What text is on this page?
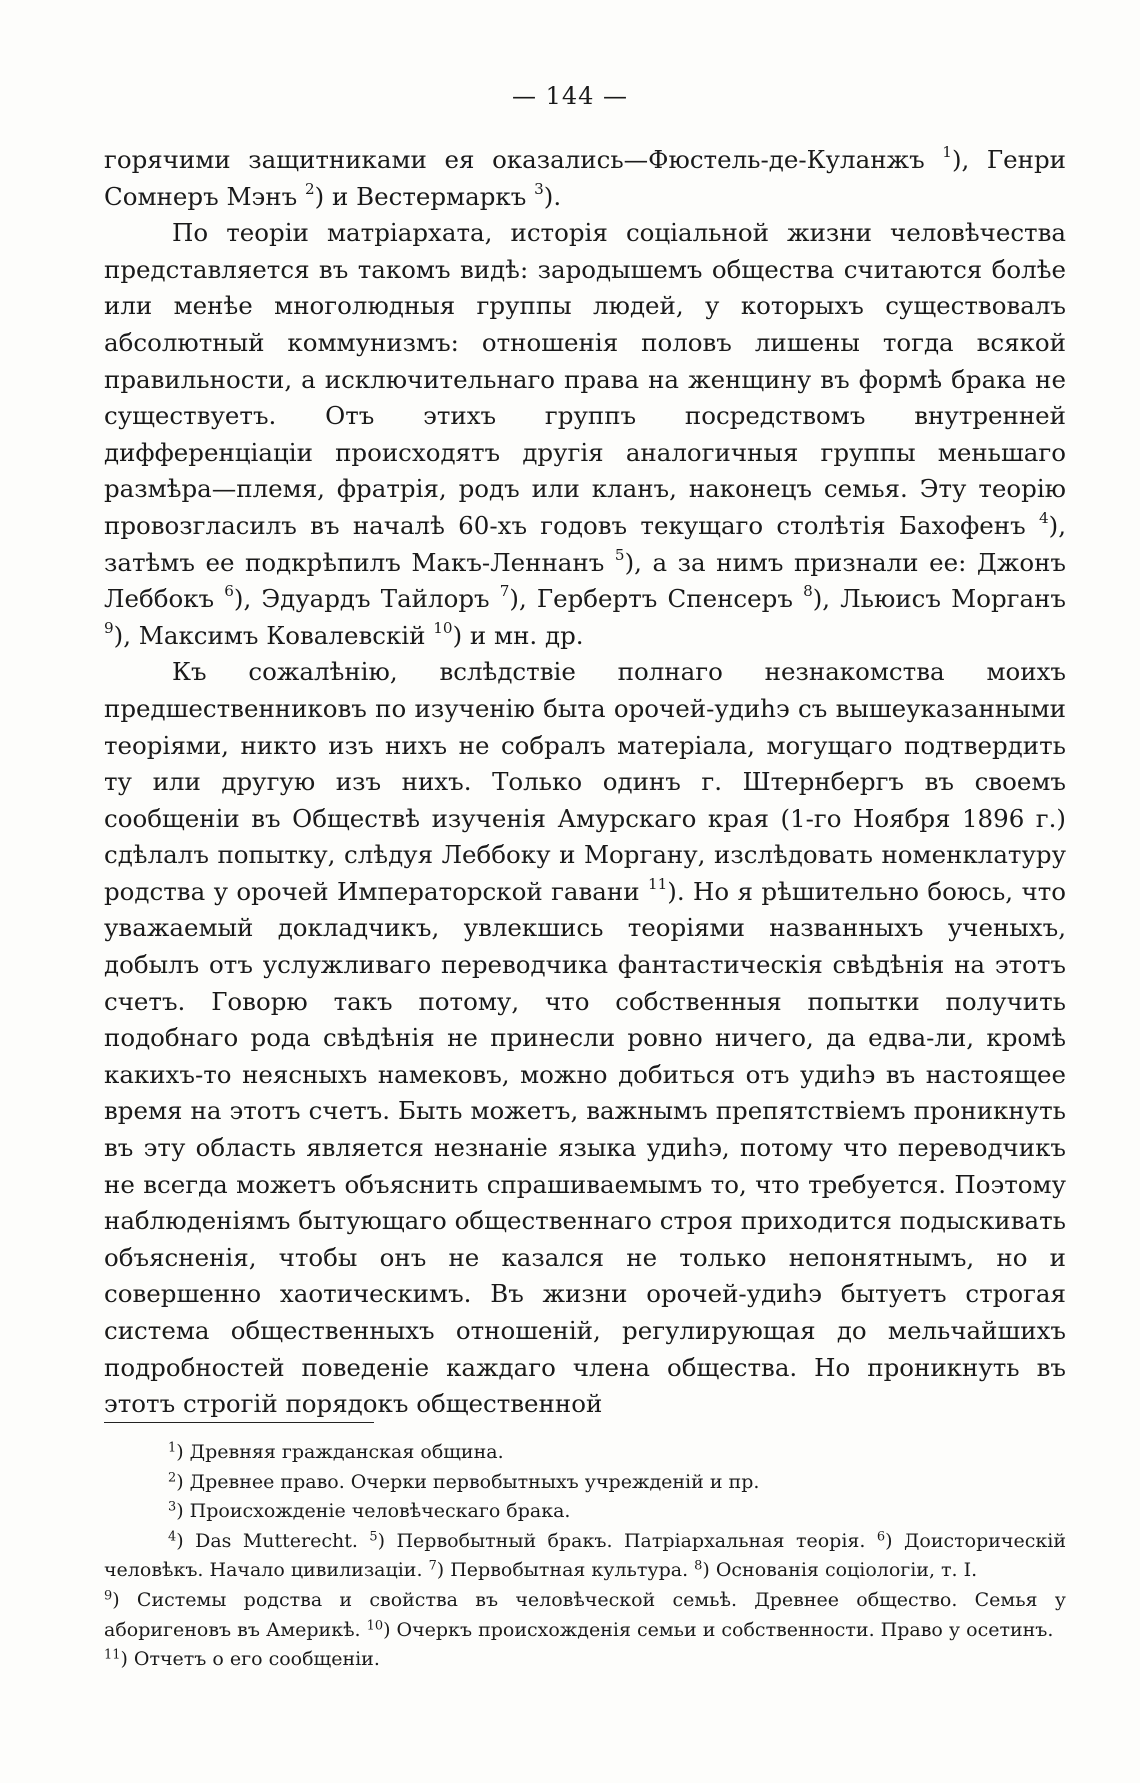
— 144 —

горячими защитниками ея оказались—Фюстель-де-Куланжъ $^1$), Генри Сомнеръ Мэнъ $^2$) и Вестермаркъ $^3$).

По теоріи матріархата, исторія соціальной жизни человѣчества представляется въ такомъ видѣ: зародышемъ общества считаются болѣе или менѣе многолюдныя группы людей, у которыхъ существовалъ абсолютный коммунизмъ: отношенія половъ лишены тогда всякой правильности, а исключительнаго права на женщину въ формѣ брака не существуетъ. Отъ этихъ группъ посредствомъ внутренней дифференціаціи происходятъ другія аналогичныя группы меньшаго размѣра—племя, фратрія, родъ или кланъ, наконецъ семья. Эту теорію провозгласилъ въ началѣ 60-хъ годовъ текущаго столѣтія Бахофенъ $^4$), затѣмъ ее подкрѣпилъ Макъ-Леннанъ $^5$), а за нимъ признали ее: Джонъ Леббокъ $^6$), Эдуардъ Тайлоръ $^7$), Гербертъ Спенсеръ $^8$), Льюисъ Морганъ $^9$), Максимъ Ковалевскій $^{10}$) и мн. др.

Къ сожалѣнію, вслѣдствіе полнаго незнакомства моихъ предшественниковъ по изученію быта орочей-удиһэ съ вышеуказанными теоріями, никто изъ нихъ не собралъ матеріала, могущаго подтвердить ту или другую изъ нихъ. Только одинъ г. Штернбергъ въ своемъ сообщеніи въ Обществѣ изученія Амурскаго края (1-го Ноября 1896 г.) сдѣлалъ попытку, слѣдуя Леббоку и Моргану, изслѣдовать номенклатуру родства у орочей Императорской гавани $^{11}$). Но я рѣшительно боюсь, что уважаемый докладчикъ, увлекшись теоріями названныхъ ученыхъ, добылъ отъ услужливаго переводчика фантастическія свѣдѣнія на этотъ счетъ. Говорю такъ потому, что собственныя попытки получить подобнаго рода свѣдѣнія не принесли ровно ничего, да едва-ли, кромѣ какихъ-то неясныхъ намековъ, можно добиться отъ удиһэ въ настоящее время на этотъ счетъ. Быть можетъ, важнымъ препятствіемъ проникнуть въ эту область является незнаніе языка удиһэ, потому что переводчикъ не всегда можетъ объяснить спрашиваемымъ то, что требуется. Поэтому наблюденіямъ бытующаго общественнаго строя приходится подыскивать объясненія, чтобы онъ не казался не только непонятнымъ, но и совершенно хаотическимъ. Въ жизни орочей-удиһэ бытуетъ строгая система общественныхъ отношеній, регулирующая до мельчайшихъ подробностей поведеніе каждаго члена общества. Но проникнуть въ этотъ строгій порядокъ общественной

$^1$) Древняя гражданская община.

$^2$) Древнее право. Очерки первобытныхъ учрежденій и пр.

$^3$) Происхожденіе человѣческаго брака.

$^4$) Das Mutterecht. $^5$) Первобытный бракъ. Патріархальная теорія. $^6$) Доисторическій человѣкъ. Начало цивилизаціи. $^7$) Первобытная культура. $^8$) Основанія соціологіи, т. I.

$^9$) Системы родства и свойства въ человѣческой семьѣ. Древнее общество. Семья у аборигеновъ въ Америкѣ. $^{10}$) Очеркъ происхожденія семьи и собственности. Право у осетинъ.

$^{11}$) Отчетъ о его сообщеніи.
